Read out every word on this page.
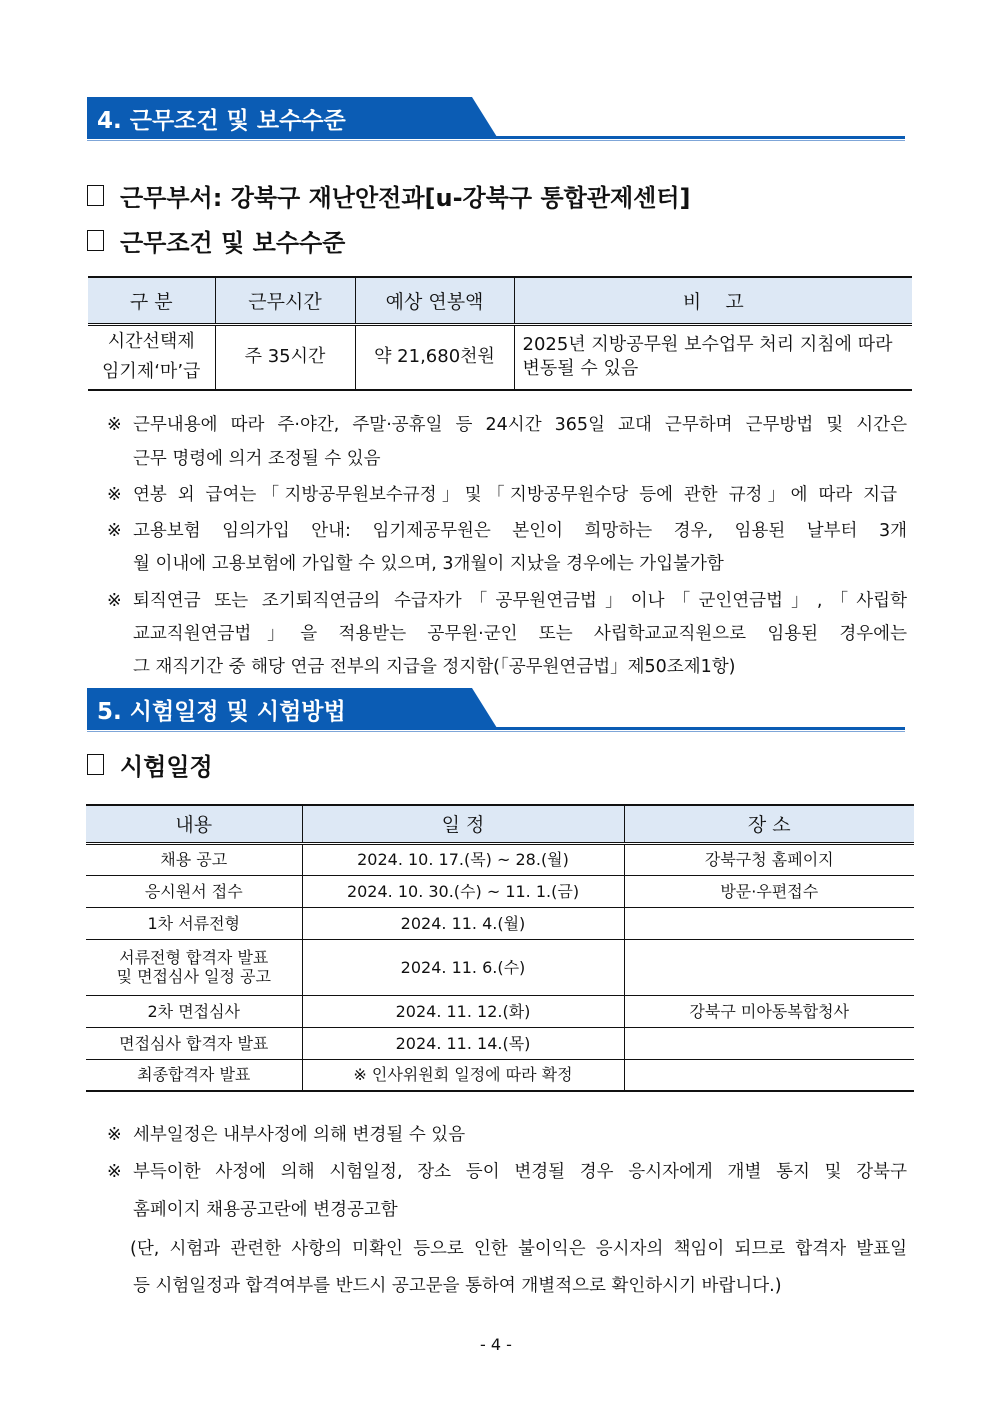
4. 근무조건 및 보수수준
근무부서: 강북구 재난안전과[u-강북구 통합관제센터]
근무조건 및 보수수준
구 분	근무시간	예상 연봉액	비    고

시간선택제
임기제‘마’급	주 35시간	약 21,680천원	2025년 지방공무원 보수업무 처리 지침에 따라 변동될 수 있음
※ 근무내용에 따라 주·야간, 주말·공휴일 등 24시간 365일 교대 근무하며 근무방법 및 시간은
근무 명령에 의거 조정될 수 있음
※ 연봉 외 급여는「지방공무원보수규정」및「지방공무원수당 등에 관한 규정」에 따라 지급
※ 고용보험 임의가입 안내: 임기제공무원은 본인이 희망하는 경우, 임용된 날부터 3개
월 이내에 고용보험에 가입할 수 있으며, 3개월이 지났을 경우에는 가입불가함
※ 퇴직연금 또는 조기퇴직연금의 수급자가「공무원연금법」이나「군인연금법」,「사립학
교교직원연금법」을 적용받는 공무원·군인 또는 사립학교교직원으로 임용된 경우에는
그 재직기간 중 해당 연금 전부의 지급을 정지함(「공무원연금법」제50조제1항)
5. 시험일정 및 시험방법
시험일정
내용	일 정	장 소
채용 공고	2024. 10. 17.(목) ~ 28.(월)	강북구청 홈페이지
응시원서 접수	2024. 10. 30.(수) ~ 11. 1.(금)	방문·우편접수
1차 서류전형	2024. 11. 4.(월)	

서류전형 합격자 발표
및 면접심사 일정 공고	2024. 11. 6.(수)	
2차 면접심사	2024. 11. 12.(화)	강북구 미아동복합청사
면접심사 합격자 발표	2024. 11. 14.(목)	
최종합격자 발표	※ 인사위원회 일정에 따라 확정	
※ 세부일정은 내부사정에 의해 변경될 수 있음
※ 부득이한 사정에 의해 시험일정, 장소 등이 변경될 경우 응시자에게 개별 통지 및 강북구
홈페이지 채용공고란에 변경공고함
(단, 시험과 관련한 사항의 미확인 등으로 인한 불이익은 응시자의 책임이 되므로 합격자 발표일
등 시험일정과 합격여부를 반드시 공고문을 통하여 개별적으로 확인하시기 바랍니다.)
- 4 -
